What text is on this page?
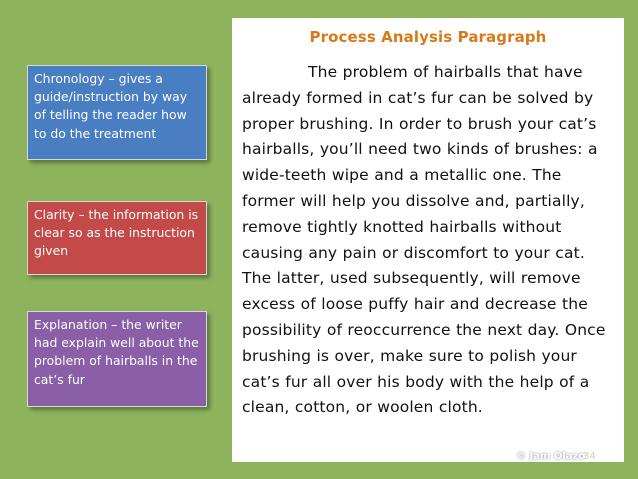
Chronology – gives a guide/instruction by way of telling the reader how to do the treatment
Clarity – the information is clear so as the instruction given
Explanation – the writer had explain well about the problem of hairballs in the cat’s fur
Process Analysis Paragraph
The problem of hairballs that have already formed in cat’s fur can be solved by proper brushing. In order to brush your cat’s hairballs, you’ll need two kinds of brushes: a wide-teeth wipe and a metallic one. The former will help you dissolve and, partially, remove tightly knotted hairballs without causing any pain or discomfort to your cat. The latter, used subsequently, will remove excess of loose puffy hair and decrease the possibility of reoccurrence the next day. Once brushing is over, make sure to polish your cat’s fur all over his body with the help of a clean, cotton, or woolen cloth.
© Jam Olazo
34
